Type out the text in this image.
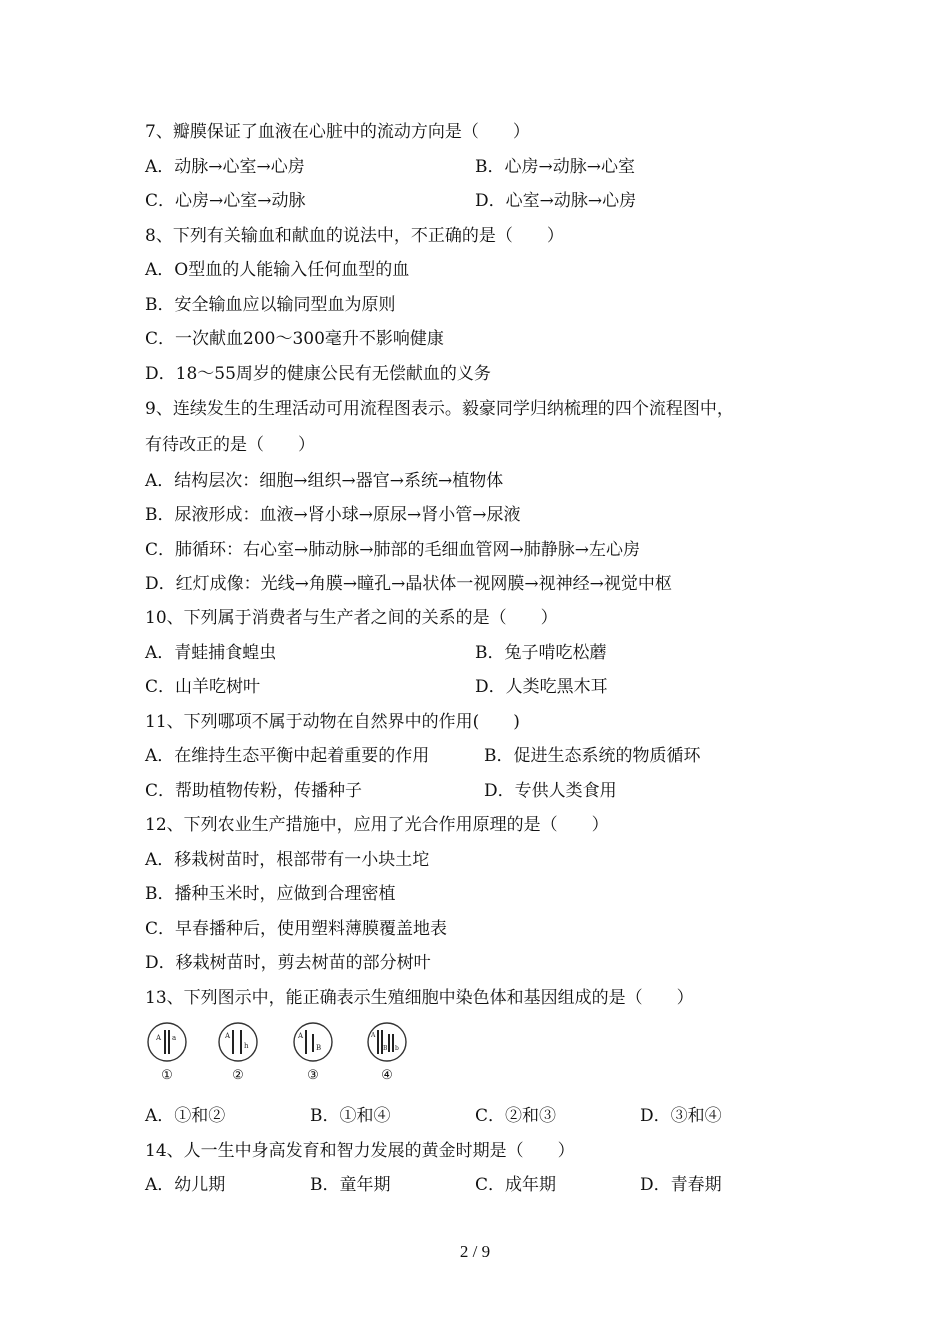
7、瓣膜保证了血液在心脏中的流动方向是（　　）
A．动脉→心室→心房	B．心房→动脉→心室
C．心房→心室→动脉	D．心室→动脉→心房
8、下列有关输血和献血的说法中，不正确的是（　　）
A．O型血的人能输入任何血型的血
B．安全输血应以输同型血为原则
C．一次献血200〜300毫升不影响健康
D．18〜55周岁的健康公民有无偿献血的义务
9、连续发生的生理活动可用流程图表示。毅豪同学归纳梳理的四个流程图中，
有待改正的是（　　）
A．结构层次：细胞→组织→器官→系统→植物体
B．尿液形成：血液→肾小球→原尿→肾小管→尿液
C．肺循环：右心室→肺动脉→肺部的毛细血管网→肺静脉→左心房
D．红灯成像：光线→角膜→瞳孔→晶状体一视网膜→视神经→视觉中枢
10、下列属于消费者与生产者之间的关系的是（　　）
A．青蛙捕食蝗虫	B．兔子啃吃松蘑
C．山羊吃树叶	D．人类吃黑木耳
11、下列哪项不属于动物在自然界中的作用(　　)
A．在维持生态平衡中起着重要的作用	B．促进生态系统的物质循环
C．帮助植物传粉，传播种子	D．专供人类食用
12、下列农业生产措施中，应用了光合作用原理的是（　　）
A．移栽树苗时，根部带有一小块土坨
B．播种玉米时，应做到合理密植
C．早春播种后，使用塑料薄膜覆盖地表
D．移栽树苗时，剪去树苗的部分树叶
13、下列图示中，能正确表示生殖细胞中染色体和基因组成的是（　　）
A a
①
A
h
②
A
B
③
A
B b
④
A．①和②	B．①和④	C．②和③	D．③和④
14、人一生中身高发育和智力发展的黄金时期是（　　）
A．幼儿期	B．童年期	C．成年期	D．青春期
2 / 9
